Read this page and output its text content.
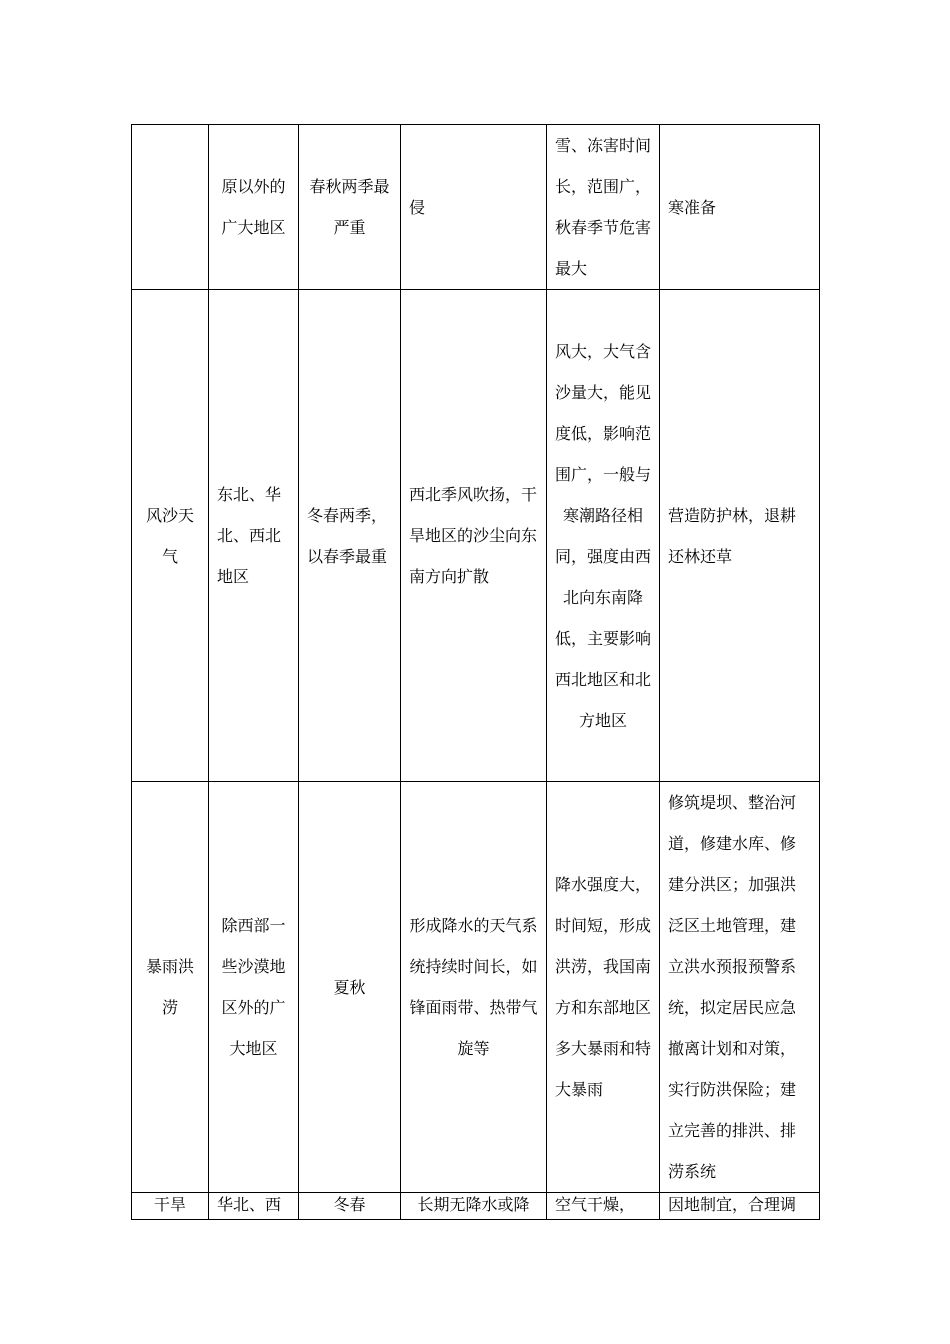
	原以外的广大地区	春秋两季最严重	侵	雪、冻害时间长，范围广，秋春季节危害最大	寒准备

风沙天气	东北、华北、西北地区	冬春两季，以春季最重	西北季风吹扬，干旱地区的沙尘向东南方向扩散	风大，大气含沙量大，能见度低，影响范围广，一般与寒潮路径相同，强度由西北向东南降低，主要影响西北地区和北方地区	营造防护林，退耕还林还草

暴雨洪涝	除西部一些沙漠地区外的广大地区	夏秋	形成降水的天气系统持续时间长，如锋面雨带、热带气旋等	降水强度大，时间短，形成洪涝，我国南方和东部地区多大暴雨和特大暴雨	修筑堤坝、整治河道，修建水库、修建分洪区；加强洪泛区土地管理，建立洪水预报预警系统，拟定居民应急撤离计划和对策，实行防洪保险；建立完善的排洪、排涝系统

干旱	华北、西	冬春	长期无降水或降	空气干燥，	因地制宜，合理调
